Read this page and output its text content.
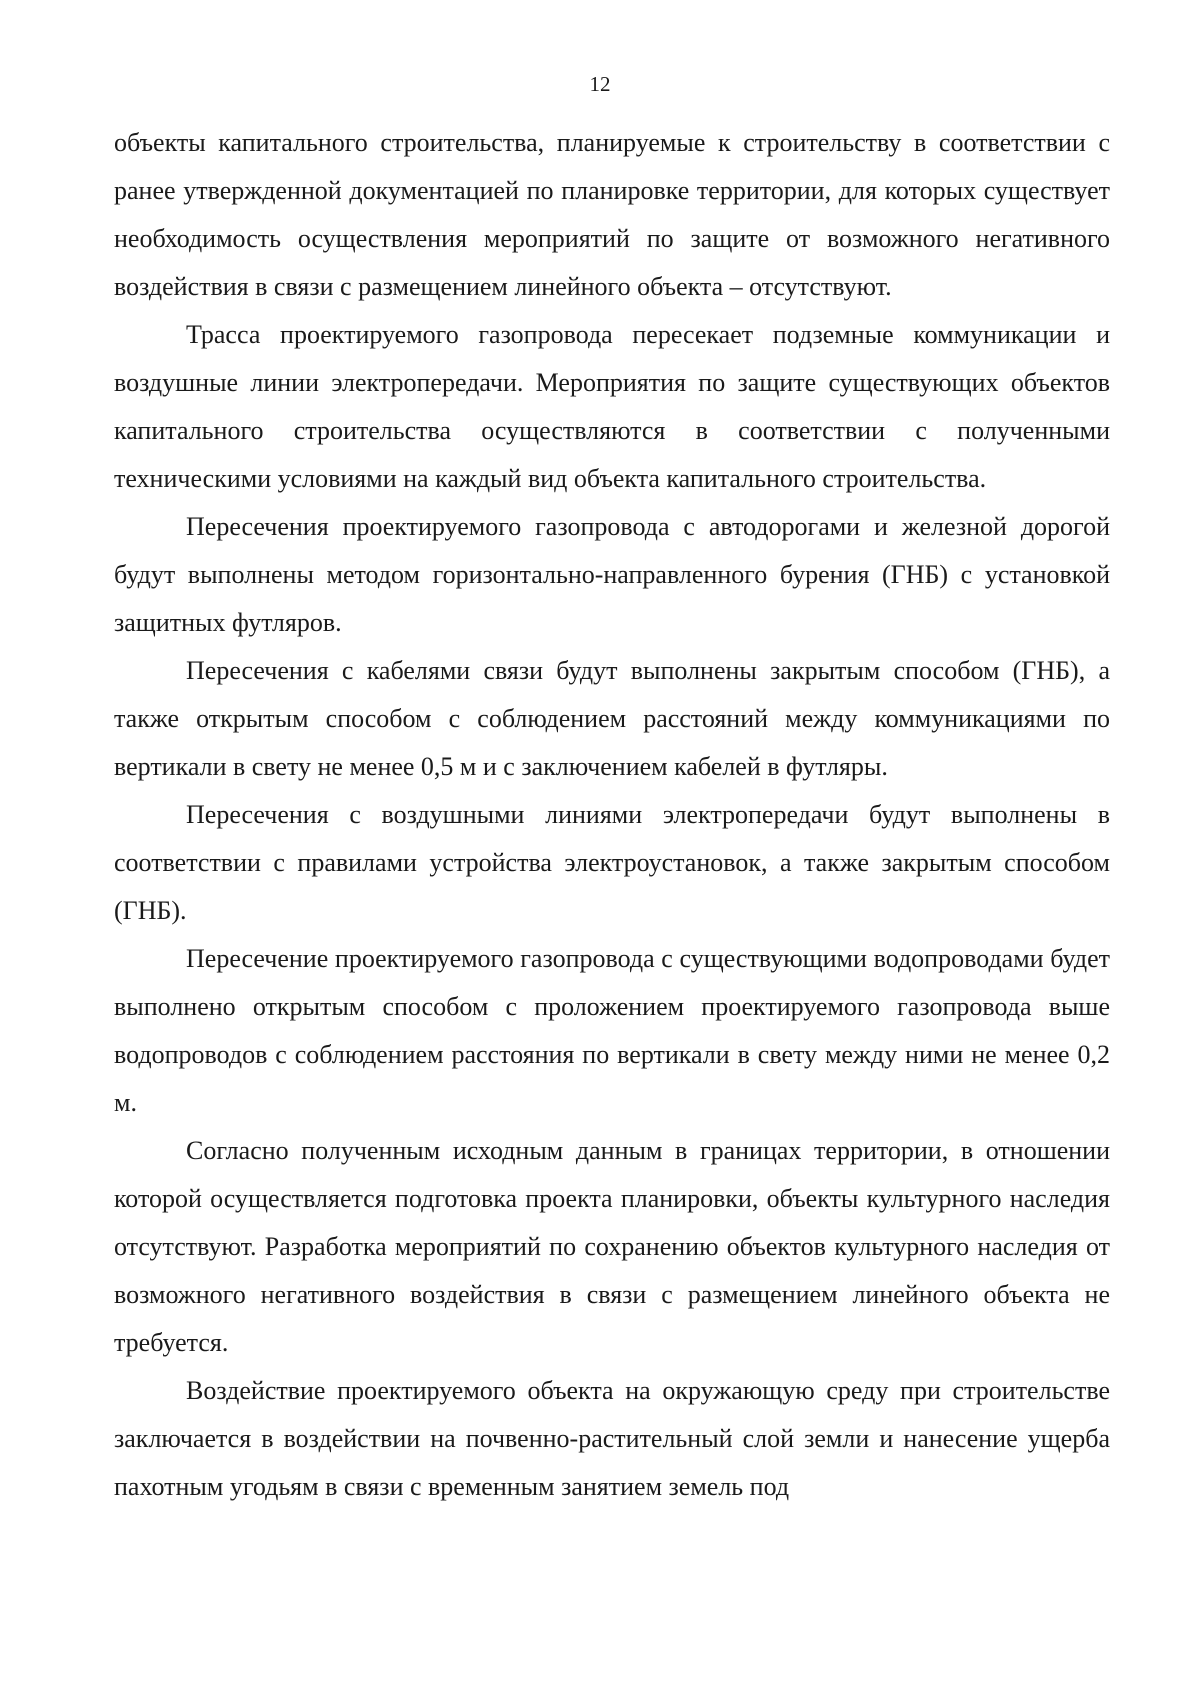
12

объекты капитального строительства, планируемые к строительству в соответствии с ранее утвержденной документацией по планировке территории, для которых существует необходимость осуществления мероприятий по защите от возможного негативного воздействия в связи с размещением линейного объекта – отсутствуют.

Трасса проектируемого газопровода пересекает подземные коммуникации и воздушные линии электропередачи. Мероприятия по защите существующих объектов капитального строительства осуществляются в соответствии с полученными техническими условиями на каждый вид объекта капитального строительства.

Пересечения проектируемого газопровода с автодорогами и железной дорогой будут выполнены методом горизонтально-направленного бурения (ГНБ) с установкой защитных футляров.

Пересечения с кабелями связи будут выполнены закрытым способом (ГНБ), а также открытым способом с соблюдением расстояний между коммуникациями по вертикали в свету не менее 0,5 м и с заключением кабелей в футляры.

Пересечения с воздушными линиями электропередачи будут выполнены в соответствии с правилами устройства электроустановок, а также закрытым способом (ГНБ).

Пересечение проектируемого газопровода с существующими водопроводами будет выполнено открытым способом с проложением проектируемого газопровода выше водопроводов с соблюдением расстояния по вертикали в свету между ними не менее 0,2 м.

Согласно полученным исходным данным в границах территории, в отношении которой осуществляется подготовка проекта планировки, объекты культурного наследия отсутствуют. Разработка мероприятий по сохранению объектов культурного наследия от возможного негативного воздействия в связи с размещением линейного объекта не требуется.

Воздействие проектируемого объекта на окружающую среду при строительстве заключается в воздействии на почвенно-растительный слой земли и нанесение ущерба пахотным угодьям в связи с временным занятием земель под
